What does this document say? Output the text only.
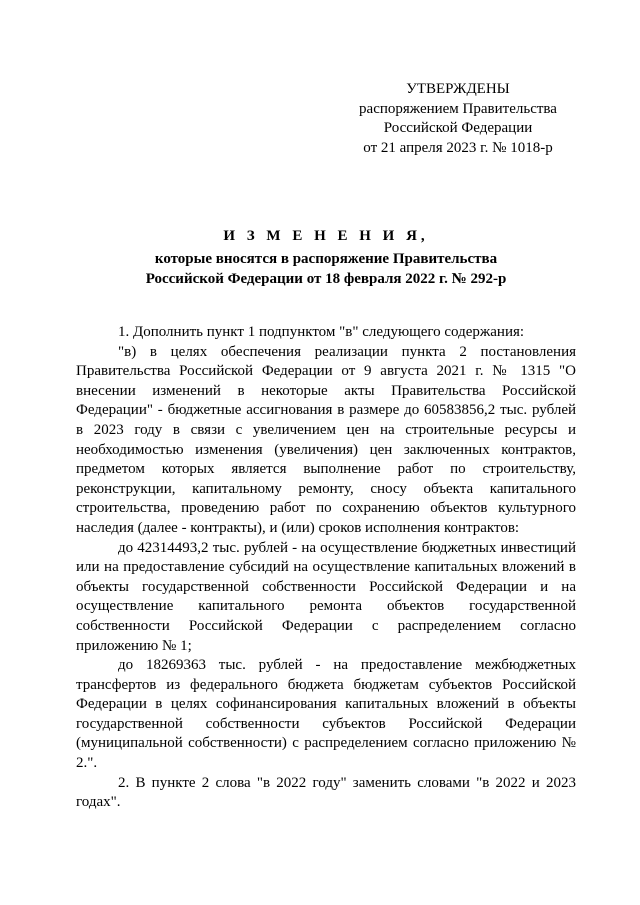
УТВЕРЖДЕНЫ
распоряжением Правительства
Российской Федерации
от 21 апреля 2023 г. № 1018-р
И З М Е Н Е Н И Я,
которые вносятся в распоряжение Правительства
Российской Федерации от 18 февраля 2022 г. № 292-р

1. Дополнить пункт 1 подпунктом "в" следующего содержания:

"в) в целях обеспечения реализации пункта 2 постановления Правительства Российской Федерации от 9 августа 2021 г. № 1315 "О внесении изменений в некоторые акты Правительства Российской Федерации" - бюджетные ассигнования в размере до 60583856,2 тыс. рублей в 2023 году в связи с увеличением цен на строительные ресурсы и необходимостью изменения (увеличения) цен заключенных контрактов, предметом которых является выполнение работ по строительству, реконструкции, капитальному ремонту, сносу объекта капитального строительства, проведению работ по сохранению объектов культурного наследия (далее - контракты), и (или) сроков исполнения контрактов:

до 42314493,2 тыс. рублей - на осуществление бюджетных инвестиций или на предоставление субсидий на осуществление капитальных вложений в объекты государственной собственности Российской Федерации и на осуществление капитального ремонта объектов государственной собственности Российской Федерации с распределением согласно приложению № 1;

до 18269363 тыс. рублей - на предоставление межбюджетных трансфертов из федерального бюджета бюджетам субъектов Российской Федерации в целях софинансирования капитальных вложений в объекты государственной собственности субъектов Российской Федерации (муниципальной собственности) с распределением согласно приложению № 2.".

2. В пункте 2 слова "в 2022 году" заменить словами "в 2022 и 2023 годах".
